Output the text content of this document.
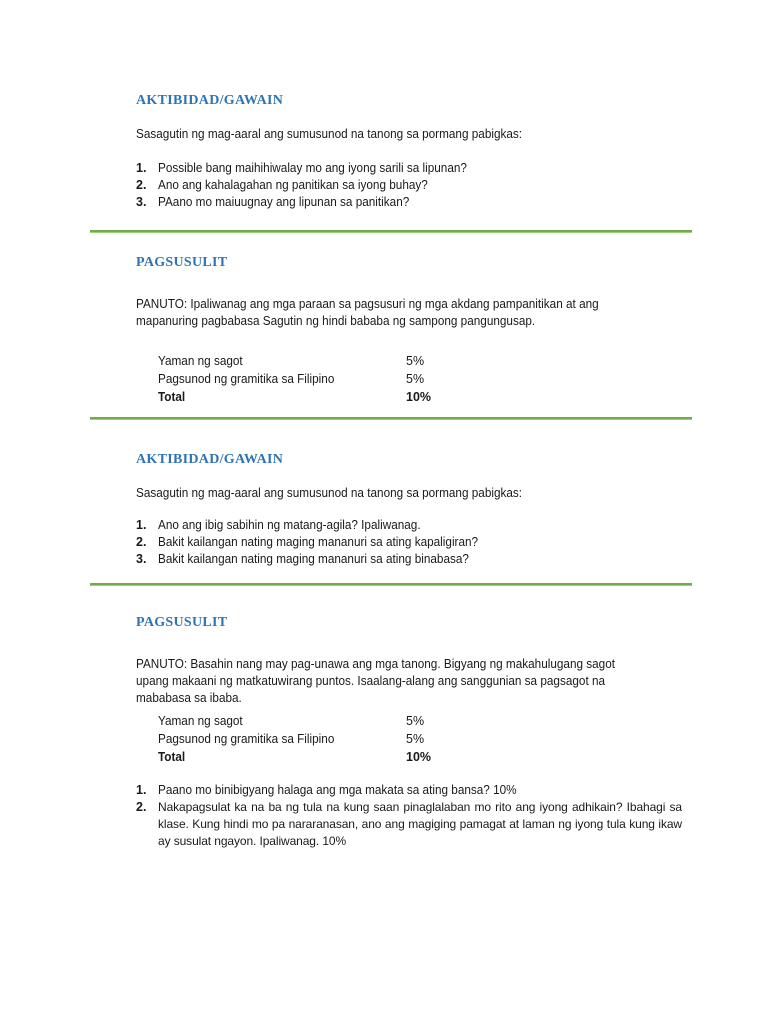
AKTIBIDAD/GAWAIN
Sasagutin ng mag-aaral ang sumusunod na tanong sa pormang pabigkas:
1. Possible bang maihihiwalay mo ang iyong sarili sa lipunan?
2. Ano ang kahalagahan ng panitikan sa iyong buhay?
3. PAano mo maiuugnay ang lipunan sa panitikan?
PAGSUSULIT
PANUTO: Ipaliwanag ang mga paraan sa pagsusuri ng mga akdang pampanitikan at ang mapanuring pagbabasa Sagutin ng hindi bababa ng sampong pangungusap.
Yaman ng sagot	5%
Pagsunod ng gramitika sa Filipino	5%
Total	10%
AKTIBIDAD/GAWAIN
Sasagutin ng mag-aaral ang sumusunod na tanong sa pormang pabigkas:
1. Ano ang ibig sabihin ng matang-agila? Ipaliwanag.
2. Bakit kailangan nating maging mananuri sa ating kapaligiran?
3. Bakit kailangan nating maging mananuri sa ating binabasa?
PAGSUSULIT
PANUTO: Basahin nang may pag-unawa ang mga tanong. Bigyang ng makahulugang sagot upang makaani ng matkatuwirang puntos. Isaalang-alang ang sanggunian sa pagsagot na mababasa sa ibaba.
Yaman ng sagot	5%
Pagsunod ng gramitika sa Filipino	5%
Total	10%
1. Paano mo binibigyang halaga ang mga makata sa ating bansa? 10%
2. Nakapagsulat ka na ba ng tula na kung saan pinaglalaban mo rito ang iyong adhikain? Ibahagi sa klase. Kung hindi mo pa nararanasan, ano ang magiging pamagat at laman ng iyong tula kung ikaw ay susulat ngayon. Ipaliwanag. 10%
